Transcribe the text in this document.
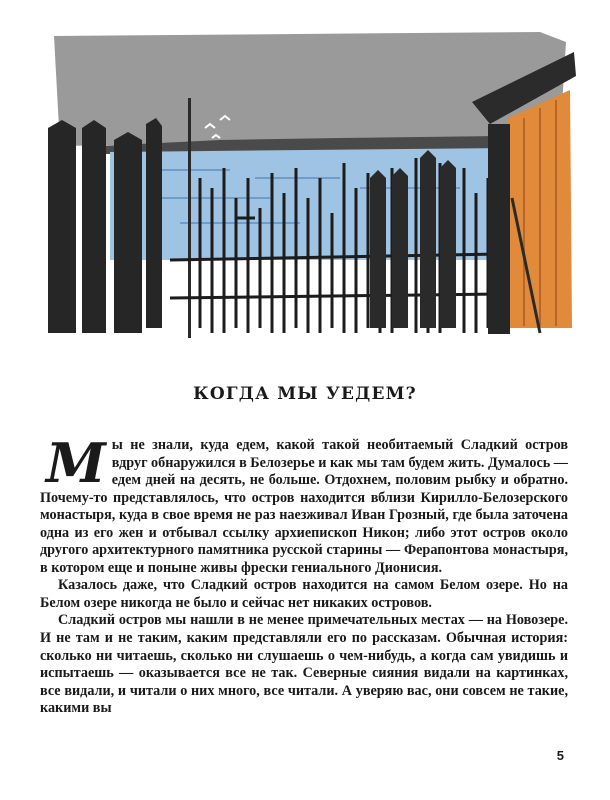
КОГДА МЫ УЕДЕМ?

Мы не знали, куда едем, какой такой необитаемый Сладкий остров вдруг обнаружился в Белозерье и как мы там будем жить. Думалось — едем дней на десять, не больше. Отдохнем, половим рыбку и обратно. Почему-то представлялось, что остров находится вблизи Кирилло-Белозерского монастыря, куда в свое время не раз наезживал Иван Грозный, где была заточена одна из его жен и отбывал ссылку архиепископ Никон; либо этот остров около другого архитектурного памятника русской старины — Ферапонтова монастыря, в котором еще и поныне живы фрески гениального Дионисия.

Казалось даже, что Сладкий остров находится на самом Белом озере. Но на Белом озере никогда не было и сейчас нет никаких островов.

Сладкий остров мы нашли в не менее примечательных местах — на Новозере. И не там и не таким, каким представляли его по рассказам. Обычная история: сколько ни читаешь, сколько ни слушаешь о чем-нибудь, а когда сам увидишь и испытаешь — оказывается все не так. Северные сияния видали на картинках, все видали, и читали о них много, все читали. А уверяю вас, они совсем не такие, какими вы

5
